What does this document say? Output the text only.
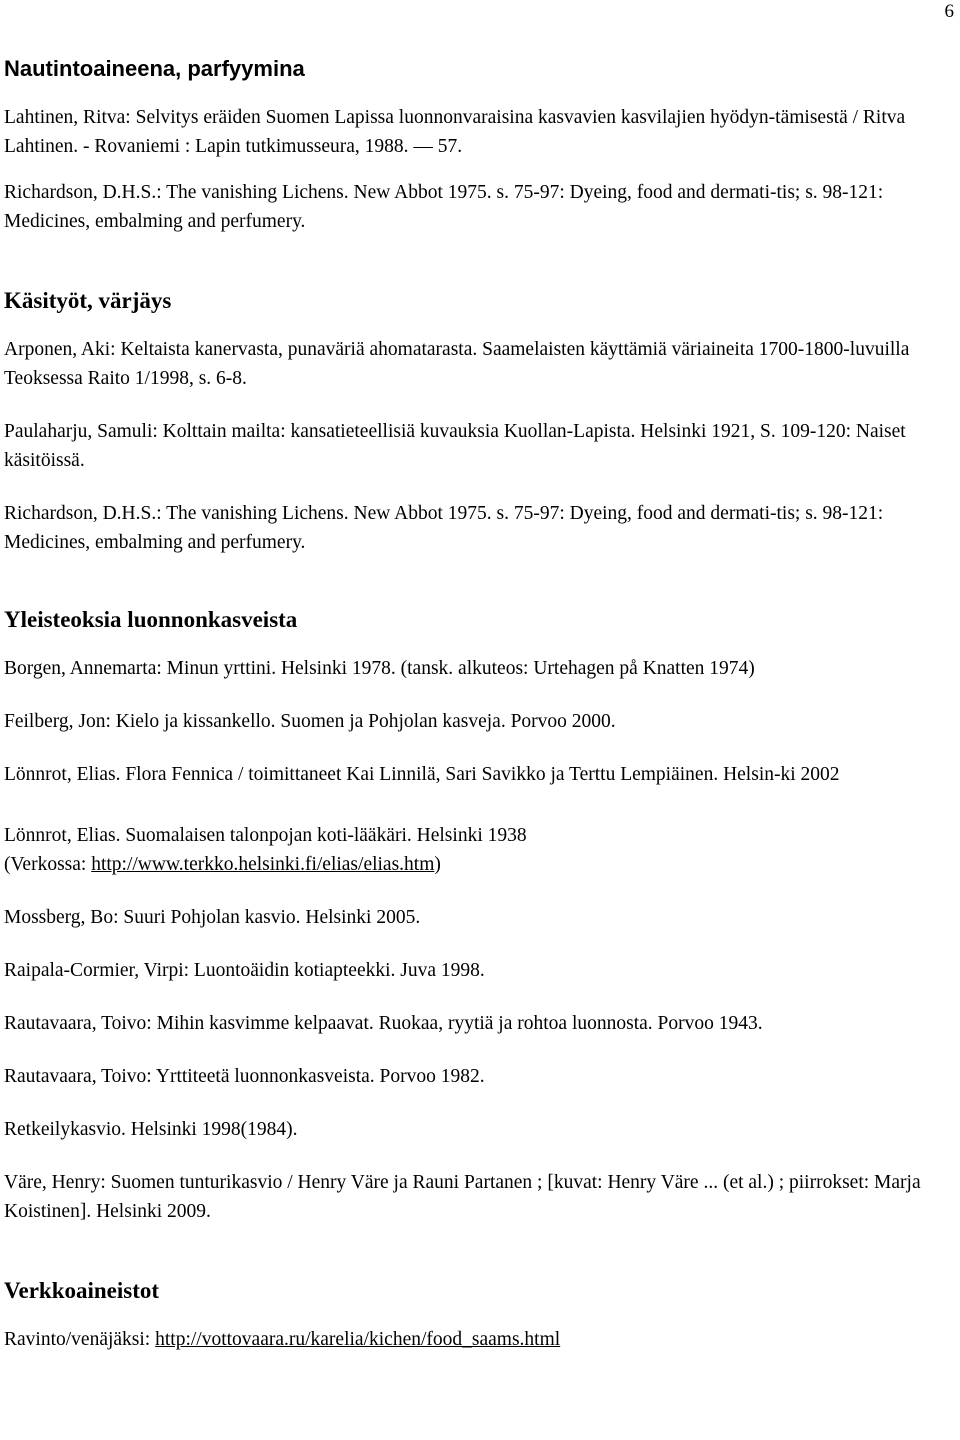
6
Nautintoaineena, parfyymina
Lahtinen, Ritva: Selvitys eräiden Suomen Lapissa luonnonvaraisina kasvavien kasvilajien hyödyn-tämisestä / Ritva Lahtinen. - Rovaniemi : Lapin tutkimusseura, 1988. — 57.
Richardson, D.H.S.: The vanishing Lichens. New Abbot 1975. s. 75-97: Dyeing, food and dermati-tis; s. 98-121: Medicines, embalming and perfumery.
Käsityöt, värjäys
Arponen, Aki: Keltaista kanervasta, punaväriä ahomatarasta. Saamelaisten käyttämiä väriaineita 1700-1800-luvuilla Teoksessa Raito 1/1998, s. 6-8.
Paulaharju, Samuli: Kolttain mailta: kansatieteellisiä kuvauksia Kuollan-Lapista. Helsinki 1921, S. 109-120: Naiset käsitöissä.
Richardson, D.H.S.: The vanishing Lichens. New Abbot 1975. s. 75-97: Dyeing, food and dermati-tis; s. 98-121: Medicines, embalming and perfumery.
Yleisteoksia luonnonkasveista
Borgen, Annemarta: Minun yrttini. Helsinki 1978. (tansk. alkuteos: Urtehagen på Knatten 1974)
Feilberg, Jon: Kielo ja kissankello. Suomen ja Pohjolan kasveja. Porvoo 2000.
Lönnrot, Elias. Flora Fennica / toimittaneet Kai Linnilä, Sari Savikko ja Terttu Lempiäinen. Helsin-ki 2002
Lönnrot, Elias. Suomalaisen talonpojan koti-lääkäri. Helsinki 1938
(Verkossa: http://www.terkko.helsinki.fi/elias/elias.htm)
Mossberg, Bo: Suuri Pohjolan kasvio. Helsinki 2005.
Raipala-Cormier, Virpi: Luontoäidin kotiapteekki. Juva 1998.
Rautavaara, Toivo: Mihin kasvimme kelpaavat. Ruokaa, ryytiä ja rohtoa luonnosta. Porvoo 1943.
Rautavaara, Toivo: Yrttiteetä luonnonkasveista. Porvoo 1982.
Retkeilykasvio. Helsinki 1998(1984).
Väre, Henry: Suomen tunturikasvio / Henry Väre ja Rauni Partanen ; [kuvat: Henry Väre ... (et al.) ; piirrokset: Marja Koistinen]. Helsinki 2009.
Verkkoaineistot
Ravinto/venäjäksi: http://vottovaara.ru/karelia/kichen/food_saams.html
